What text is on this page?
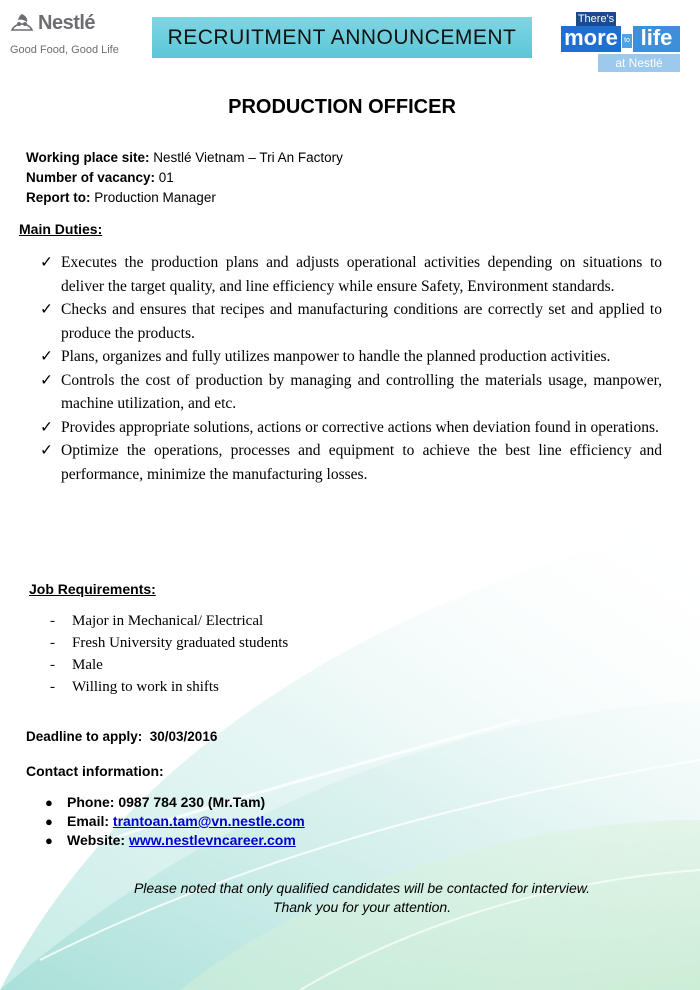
Nestlé
Good Food, Good Life
RECRUITMENT ANNOUNCEMENT
There's
more to life
at Nestlé
PRODUCTION OFFICER
Working place site: Nestlé Vietnam – Tri An Factory
Number of vacancy: 01
Report to: Production Manager
Main Duties:
✓ Executes the production plans and adjusts operational activities depending on situations to deliver the target quality, and line efficiency while ensure Safety, Environment standards.
✓ Checks and ensures that recipes and manufacturing conditions are correctly set and applied to produce the products.
✓ Plans, organizes and fully utilizes manpower to handle the planned production activities.
✓ Controls the cost of production by managing and controlling the materials usage, manpower, machine utilization, and etc.
✓ Provides appropriate solutions, actions or corrective actions when deviation found in operations.
✓ Optimize the operations, processes and equipment to achieve the best line efficiency and performance, minimize the manufacturing losses.
Job Requirements:
- Major in Mechanical/ Electrical
- Fresh University graduated students
- Male
- Willing to work in shifts
Deadline to apply:  30/03/2016
Contact information:
● Phone: 0987 784 230 (Mr.Tam)
● Email: trantoan.tam@vn.nestle.com
● Website: www.nestlevncareer.com
Please noted that only qualified candidates will be contacted for interview.
Thank you for your attention.
